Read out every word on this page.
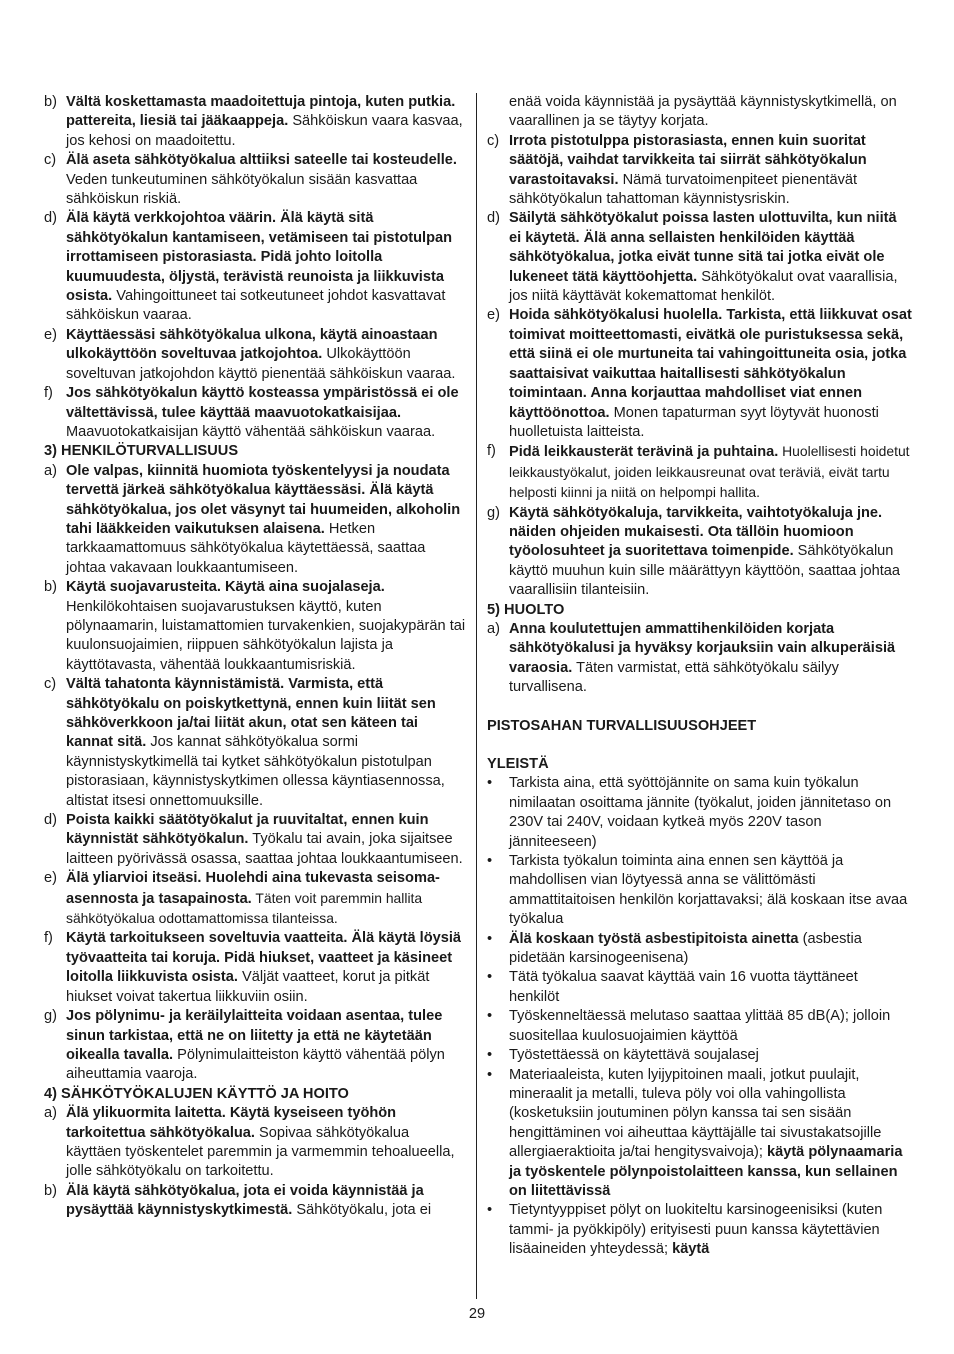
b) Vältä koskettamasta maadoitettuja pintoja, kuten putkia. pattereita, liesiä tai jääkaappeja. Sähköiskun vaara kasvaa, jos kehosi on maadoitettu.
c) Älä aseta sähkötyökalua alttiiksi sateelle tai kosteudelle. Veden tunkeutuminen sähkötyökalun sisään kasvattaa sähköiskun riskiä.
d) Älä käytä verkkojohtoa väärin. Älä käytä sitä sähkötyökalun kantamiseen, vetämiseen tai pistotulpan irrottamiseen pistorasiasta. Pidä johto loitolla kuumuudesta, öljystä, terävistä reunoista ja liikkuvista osista. Vahingoittuneet tai sotkeutuneet johdot kasvattavat sähköiskun vaaraa.
e) Käyttäessäsi sähkötyökalua ulkona, käytä ainoastaan ulkokäyttöön soveltuvaa jatkojohtoa. Ulkokäyttöön soveltuvan jatkojohdon käyttö pienentää sähköiskun vaaraa.
f) Jos sähkötyökalun käyttö kosteassa ympäristössä ei ole vältettävissä, tulee käyttää maavuotokatkaisijaa. Maavuotokatkaisijan käyttö vähentää sähköiskun vaaraa.
3) HENKILÖTURVALLISUUS
a) Ole valpas, kiinnitä huomiota työskentelyysi ja noudata tervettä järkeä sähkötyökalua käyttäessäsi. Älä käytä sähkötyökalua, jos olet väsynyt tai huumeiden, alkoholin tahi lääkkeiden vaikutuksen alaisena. Hetken tarkkaamattomuus sähkötyökalua käytettäessä, saattaa johtaa vakavaan loukkaantumiseen.
b) Käytä suojavarusteita. Käytä aina suojalaseja. Henkilökohtaisen suojavarustuksen käyttö, kuten pölynaamarin, luistamattomien turvakenkien, suojakypärän tai kuulonsuojaimien, riippuen sähkötyökalun lajista ja käyttötavasta, vähentää loukkaantumisriskiä.
c) Vältä tahatonta käynnistämistä. Varmista, että sähkötyökalu on poiskytkettynä, ennen kuin liität sen sähköverkkoon ja/tai liität akun, otat sen käteen tai kannat sitä. Jos kannat sähkötyökalua sormi käynnistyskytkimellä tai kytket sähkötyökalun pistotulpan pistorasiaan, käynnistyskytkimen ollessa käyntiasennossa, altistat itsesi onnettomuuksille.
d) Poista kaikki säätötyökalut ja ruuvitaltat, ennen kuin käynnistät sähkötyökalun. Työkalu tai avain, joka sijaitsee laitteen pyörivässä osassa, saattaa johtaa loukkaantumiseen.
e) Älä yliarvioi itseäsi. Huolehdi aina tukevasta seisoma-asennosta ja tasapainosta. Täten voit paremmin hallita sähkötyökalua odottamattomissa tilanteissa.
f) Käytä tarkoitukseen soveltuvia vaatteita. Älä käytä löysiä työvaatteita tai koruja. Pidä hiukset, vaatteet ja käsineet loitolla liikkuvista osista. Väljät vaatteet, korut ja pitkät hiukset voivat takertua liikkuviin osiin.
g) Jos pölynimu- ja keräilylaitteita voidaan asentaa, tulee sinun tarkistaa, että ne on liitetty ja että ne käytetään oikealla tavalla. Pölynimulaitteiston käyttö vähentää pölyn aiheuttamia vaaroja.
4) SÄHKÖTYÖKALUJEN KÄYTTÖ JA HOITO
a) Älä ylikuormita laitetta. Käytä kyseiseen työhön tarkoitettua sähkötyökalua. Sopivaa sähkötyökalua käyttäen työskentelet paremmin ja varmemmin tehoalueella, jolle sähkötyökalu on tarkoitettu.
b) Älä käytä sähkötyökalua, jota ei voida käynnistää ja pysäyttää käynnistyskytkimestä. Sähkötyökalu, jota ei
enää voida käynnistää ja pysäyttää käynnistyskytkimellä, on vaarallinen ja se täytyy korjata.
c) Irrota pistotulppa pistorasiasta, ennen kuin suoritat säätöjä, vaihdat tarvikkeita tai siirrät sähkötyökalun varastoitavaksi. Nämä turvatoimenpiteet pienentävät sähkötyökalun tahattoman käynnistysriskin.
d) Säilytä sähkötyökalut poissa lasten ulottuvilta, kun niitä ei käytetä. Älä anna sellaisten henkilöiden käyttää sähkötyökalua, jotka eivät tunne sitä tai jotka eivät ole lukeneet tätä käyttöohjetta. Sähkötyökalut ovat vaarallisia, jos niitä käyttävät kokemattomat henkilöt.
e) Hoida sähkötyökalusi huolella. Tarkista, että liikkuvat osat toimivat moitteettomasti, eivätkä ole puristuksessa sekä, että siinä ei ole murtuneita tai vahingoittuneita osia, jotka saattaisivat vaikuttaa haitallisesti sähkötyökalun toimintaan. Anna korjauttaa mahdolliset viat ennen käyttöönottoa. Monen tapaturman syyt löytyvät huonosti huolletuista laitteista.
f) Pidä leikkausterät terävinä ja puhtaina. Huolellisesti hoidetut leikkaustyökalut, joiden leikkausreunat ovat teräviä, eivät tartu helposti kiinni ja niitä on helpompi hallita.
g) Käytä sähkötyökaluja, tarvikkeita, vaihtotyökaluja jne. näiden ohjeiden mukaisesti. Ota tällöin huomioon työolosuhteet ja suoritettava toimenpide. Sähkötyökalun käyttö muuhun kuin sille määrättyyn käyttöön, saattaa johtaa vaarallisiin tilanteisiin.
5) HUOLTO
a) Anna koulutettujen ammattihenkilöiden korjata sähkötyökalusi ja hyväksy korjauksiin vain alkuperäisiä varaosia. Täten varmistat, että sähkötyökalu säilyy turvallisena.
PISTOSAHAN TURVALLISUUSOHJEET
YLEISTÄ
• Tarkista aina, että syöttöjännite on sama kuin työkalun nimilaatan osoittama jännite (työkalut, joiden jännitetaso on 230V tai 240V, voidaan kytkeä myös 220V tason jänniteeseen)
• Tarkista työkalun toiminta aina ennen sen käyttöä ja mahdollisen vian löytyessä anna se välittömästi ammattitaitoisen henkilön korjattavaksi; älä koskaan itse avaa työkalua
• Älä koskaan työstä asbestipitoista ainetta (asbestia pidetään karsinogeenisena)
• Tätä työkalua saavat käyttää vain 16 vuotta täyttäneet henkilöt
• Työskenneltäessä melutaso saattaa ylittää 85 dB(A); jolloin suositellaa kuulosuojaimien käyttöä
• Työstettäessä on käytettävä soujalasej
• Materiaaleista, kuten lyijypitoinen maali, jotkut puulajit, mineraalit ja metalli, tuleva pöly voi olla vahingollista (kosketuksiin joutuminen pölyn kanssa tai sen sisään hengittäminen voi aiheuttaa käyttäjälle tai sivustakatsojille allergiaeraktioita ja/tai hengitysvaivoja); käytä pölynaamaria ja työskentele pölynpoistolaitteen kanssa, kun sellainen on liitettävissä
• Tietyntyyppiset pölyt on luokiteltu karsinogeenisiksi (kuten tammi- ja pyökkipöly) erityisesti puun kanssa käytettävien lisäaineiden yhteydessä; käytä
29
